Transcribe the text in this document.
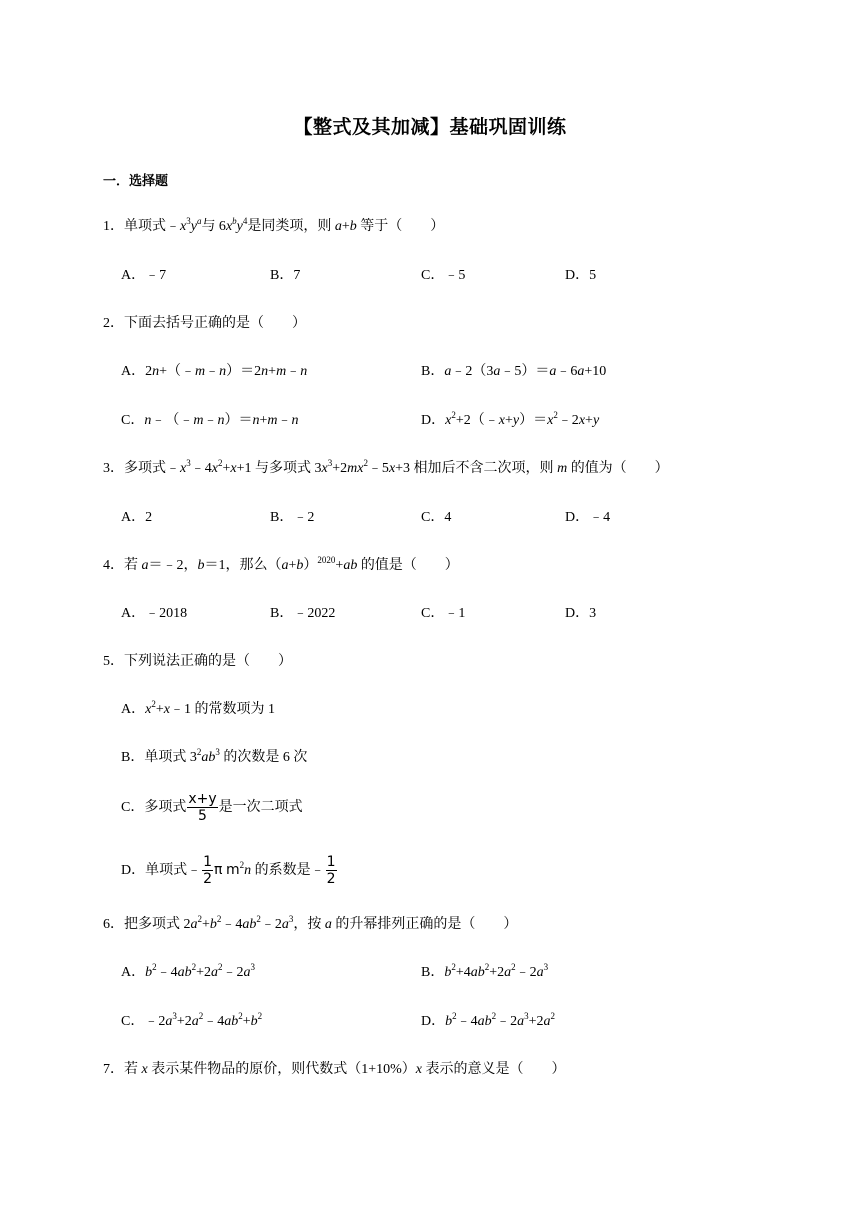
【整式及其加减】基础巩固训练
一．选择题
1．单项式$﹣x^3y^a$与 $6x^by^4$是同类项，则 a+b 等于（　　）
A．﹣7	B．7	C．﹣5	D．5
2．下面去括号正确的是（　　）
A．2n+（﹣m﹣n）＝2n+m﹣n	B．a﹣2（3a﹣5）＝a﹣6a+10
C．n﹣（﹣m﹣n）＝n+m﹣n	D．$x^2+2(﹣x+y)=x^2﹣2x+y$
3．多项式$﹣x^3﹣4x^2+x+1$ 与多项式 $3x^3+2mx^2﹣5x+3$ 相加后不含二次项，则 m 的值为（　　）
A．2	B．﹣2	C．4	D．﹣4
4．若 a＝﹣2，b＝1，那么$(a+b)^{2020}+ab$ 的值是（　　）
A．﹣2018	B．﹣2022	C．﹣1	D．3
5．下列说法正确的是（　　）
A．$x^2+x﹣1$ 的常数项为 1
B．单项式 $3^2ab^3$ 的次数是 6 次
C．多项式 $\frac{x+y}{5}$ 是一次二项式
D．单项式﹣ $\frac{1}{2}$ π $m^2n$ 的系数是﹣ $\frac{1}{2}$
6．把多项式 $2a^2+b^2﹣4ab^2﹣2a^3$，按 a 的升幂排列正确的是（　　）
A．$b^2﹣4ab^2+2a^2﹣2a^3$	B．$b^2+4ab^2+2a^2﹣2a^3$
C．$﹣2a^3+2a^2﹣4ab^2+b^2$	D．$b^2﹣4ab^2﹣2a^3+2a^2$
7．若 x 表示某件物品的原价，则代数式（1+10%）x 表示的意义是（　　）
